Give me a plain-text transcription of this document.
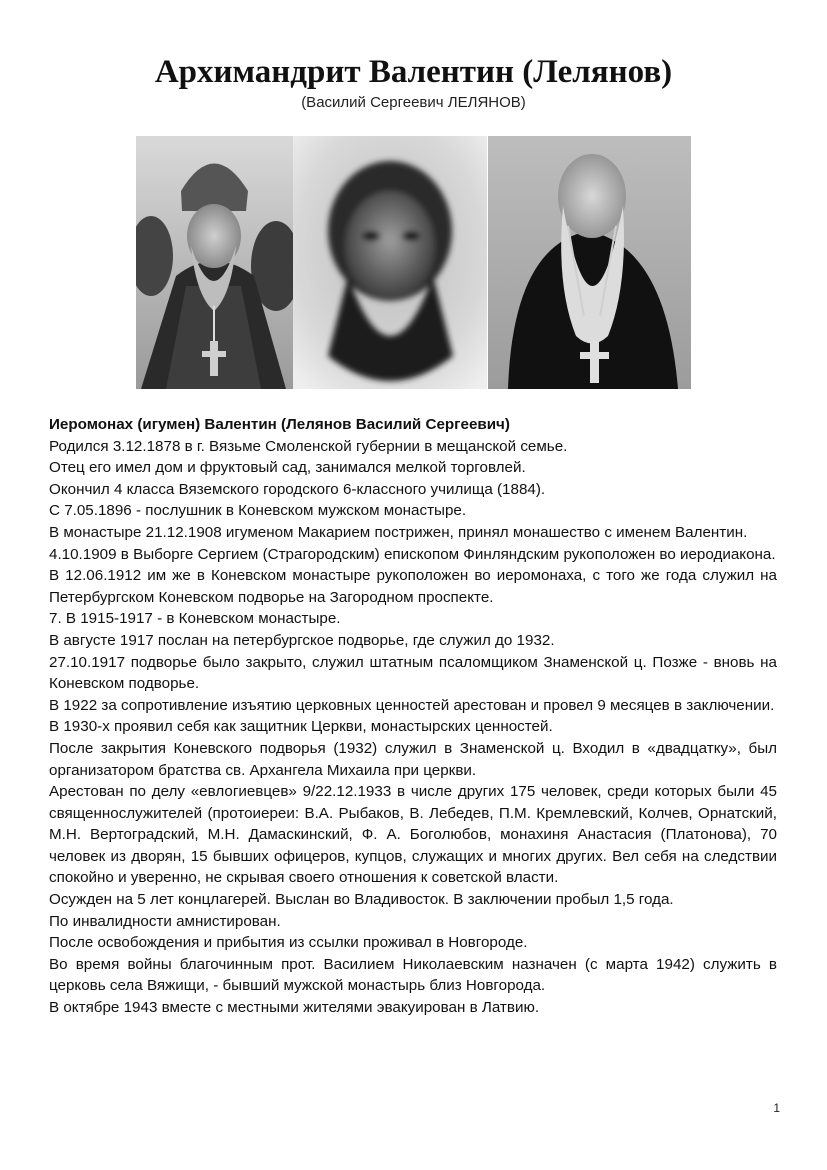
Архимандрит Валентин (Лелянов)
(Василий Сергеевич ЛЕЛЯНОВ)

Иеромонах (игумен) Валентин (Лелянов Василий Сергеевич)

Родился 3.12.1878 в г. Вязьме Смоленской губернии в мещанской семье.

Отец его имел дом и фруктовый сад, занимался мелкой торговлей.

Окончил 4 класса Вяземского городского 6-классного училища (1884).

С 7.05.1896 - послушник в Коневском мужском монастыре.

В монастыре 21.12.1908 игуменом Макарием пострижен, принял монашество с именем Валентин.

4.10.1909 в Выборге Сергием (Страгородским) епископом Финляндским рукоположен во иеродиакона.

В 12.06.1912 им же в Коневском монастыре рукоположен во иеромонаха, с того же года служил на Петербургском Коневском подворье на Загородном проспекте.

7. В 1915-1917 - в Коневском монастыре.

В августе 1917 послан на петербургское подворье, где служил до 1932.

27.10.1917 подворье было закрыто, служил штатным псаломщиком Знаменской ц. Позже - вновь на Коневском подворье.

В 1922 за сопротивление изъятию церковных ценностей арестован и провел 9 месяцев в заключении.

В 1930-х проявил себя как защитник Церкви, монастырских ценностей.

После закрытия Коневского подворья (1932) служил в Знаменской ц. Входил в «двадцатку», был организатором братства св. Архангела Михаила при церкви.

Арестован по делу «евлогиевцев» 9/22.12.1933 в числе других 175 человек, среди которых были 45 священнослужителей (протоиереи: В.А. Рыбаков, В. Лебедев, П.М. Кремлевский, Колчев, Орнатский, М.Н. Вертоградский, М.Н. Дамаскинский, Ф. А. Боголюбов, монахиня Анастасия (Платонова), 70 человек из дворян, 15 бывших офицеров, купцов, служащих и многих других. Вел себя на следствии спокойно и уверенно, не скрывая своего отношения к советской власти.

Осужден на 5 лет концлагерей. Выслан во Владивосток. В заключении пробыл 1,5 года.

По инвалидности амнистирован.

После освобождения и прибытия из ссылки проживал в Новгороде.

Во время войны благочинным прот. Василием Николаевским назначен (с марта 1942) служить в церковь села Вяжищи, - бывший мужской монастырь близ Новгорода.

В октябре 1943 вместе с местными жителями эвакуирован в Латвию.

1
